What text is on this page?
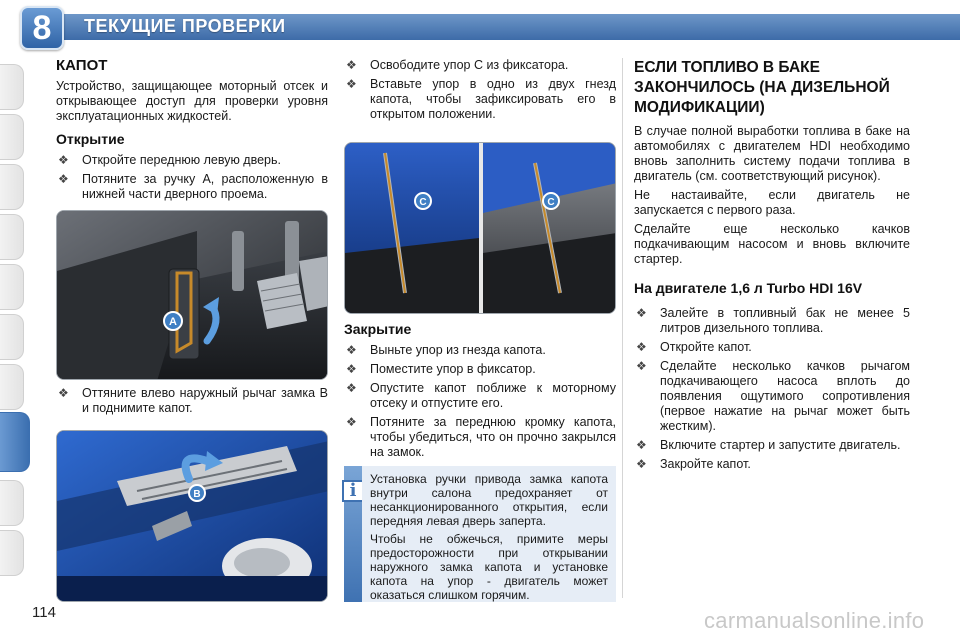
8	ТЕКУЩИЕ ПРОВЕРКИ
КАПОТ

Устройство, защищающее моторный отсек и открывающее доступ для проверки уровня эксплуатационных жидкостей.

Открытие
❖ Откройте переднюю левую дверь.
❖ Потяните за ручку A, расположенную в нижней части дверного проема.
A
❖ Оттяните влево наружный рычаг замка B и поднимите капот.
B
❖ Освободите упор C из фиксатора.
❖ Вставьте упор в одно из двух гнезд капота, чтобы зафиксировать его в открытом положении.
C	C
Закрытие
❖ Выньте упор из гнезда капота.
❖ Поместите упор в фиксатор.
❖ Опустите капот поближе к моторному отсеку и отпустите его.
❖ Потяните за переднюю кромку капота, чтобы убедиться, что он прочно закрылся на замок.
i

Установка ручки привода замка капота внутри салона предохраняет от несанкционированного открытия, если передняя левая дверь заперта.

Чтобы не обжечься, примите меры предосторожности при открывании наружного замка капота и установке капота на упор - двигатель может оказаться слишком горячим.

ЕСЛИ ТОПЛИВО В БАКЕ ЗАКОНЧИЛОСЬ (НА ДИЗЕЛЬНОЙ МОДИФИКАЦИИ)

В случае полной выработки топлива в баке на автомобилях с двигателем HDI необходимо вновь заполнить систему подачи топлива в двигатель (см. соответствующий рисунок).

Не настаивайте, если двигатель не запускается с первого раза.

Сделайте еще несколько качков подкачивающим насосом и вновь включите стартер.

На двигателе 1,6 л Turbo HDI 16V
❖ Залейте в топливный бак не менее 5 литров дизельного топлива.
❖ Откройте капот.
❖ Сделайте несколько качков рычагом подкачивающего насоса вплоть до появления ощутимого сопротивления (первое нажатие на рычаг может быть жестким).
❖ Включите стартер и запустите двигатель.
❖ Закройте капот.
114	carmanualsonline.info
